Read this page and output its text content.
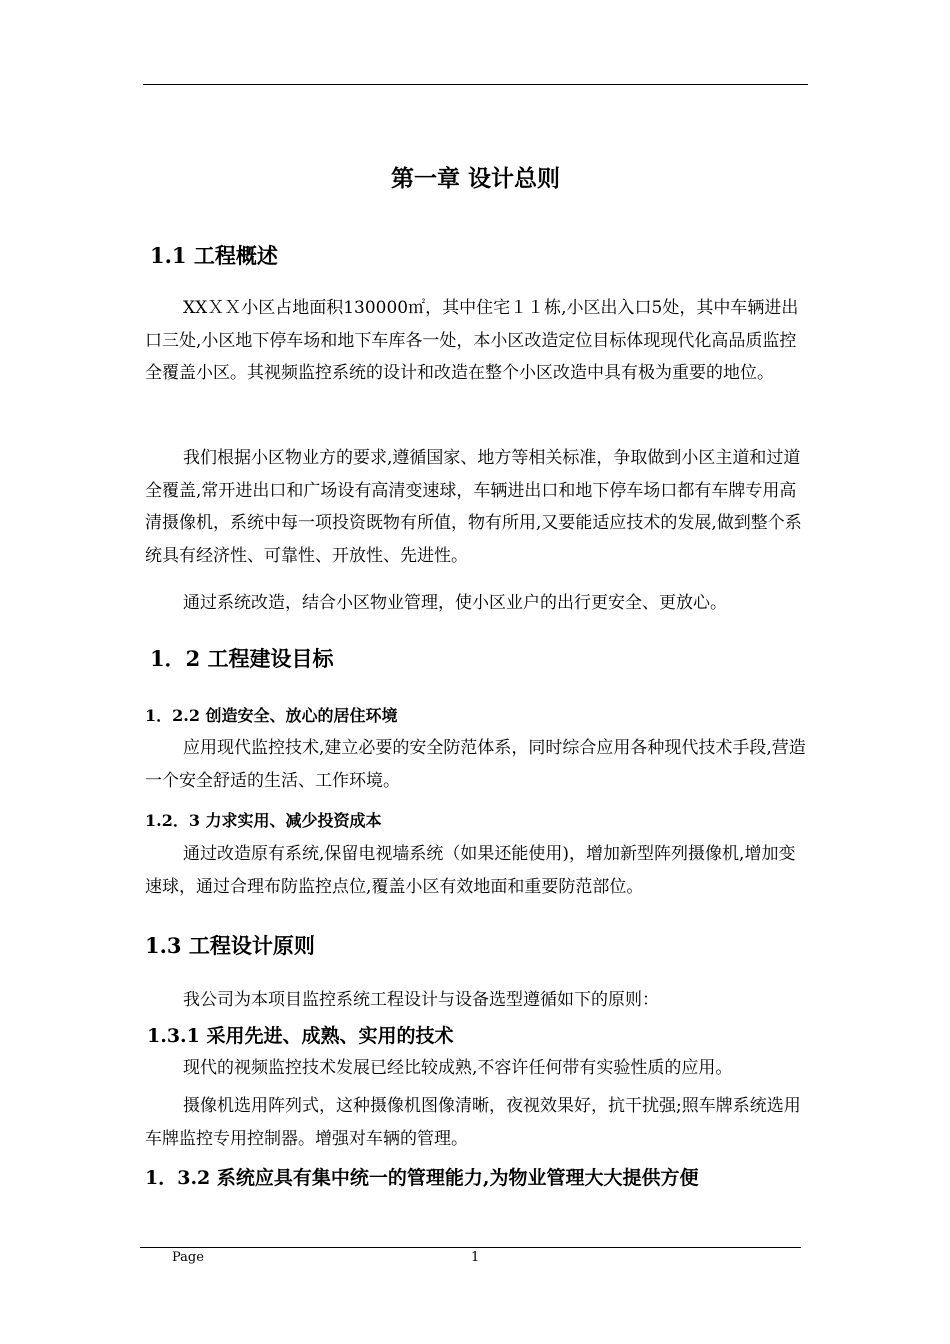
第一章 设计总则
1.1 工程概述

XXＸＸ小区占地面积130000㎡，其中住宅１１栋,小区出入口5处，其中车辆进出口三处,小区地下停车场和地下车库各一处，本小区改造定位目标体现现代化高品质监控全覆盖小区。其视频监控系统的设计和改造在整个小区改造中具有极为重要的地位。

我们根据小区物业方的要求,遵循国家、地方等相关标准，争取做到小区主道和过道全覆盖,常开进出口和广场设有高清变速球，车辆进出口和地下停车场口都有车牌专用高清摄像机，系统中每一项投资既物有所值，物有所用,又要能适应技术的发展,做到整个系统具有经济性、可靠性、开放性、先进性。

通过系统改造，结合小区物业管理，使小区业户的出行更安全、更放心。

1．2 工程建设目标
1．2.2 创造安全、放心的居住环境

应用现代监控技术,建立必要的安全防范体系，同时综合应用各种现代技术手段,营造一个安全舒适的生活、工作环境。

1.2．3 力求实用、减少投资成本

通过改造原有系统,保留电视墙系统（如果还能使用)，增加新型阵列摄像机,增加变速球，通过合理布防监控点位,覆盖小区有效地面和重要防范部位。

1.3 工程设计原则

我公司为本项目监控系统工程设计与设备选型遵循如下的原则：

1.3.1 采用先进、成熟、实用的技术

现代的视频监控技术发展已经比较成熟,不容许任何带有实验性质的应用。

摄像机选用阵列式，这种摄像机图像清晰，夜视效果好，抗干扰强;照车牌系统选用车牌监控专用控制器。增强对车辆的管理。

1．3.2 系统应具有集中统一的管理能力,为物业管理大大提供方便
Page	1
